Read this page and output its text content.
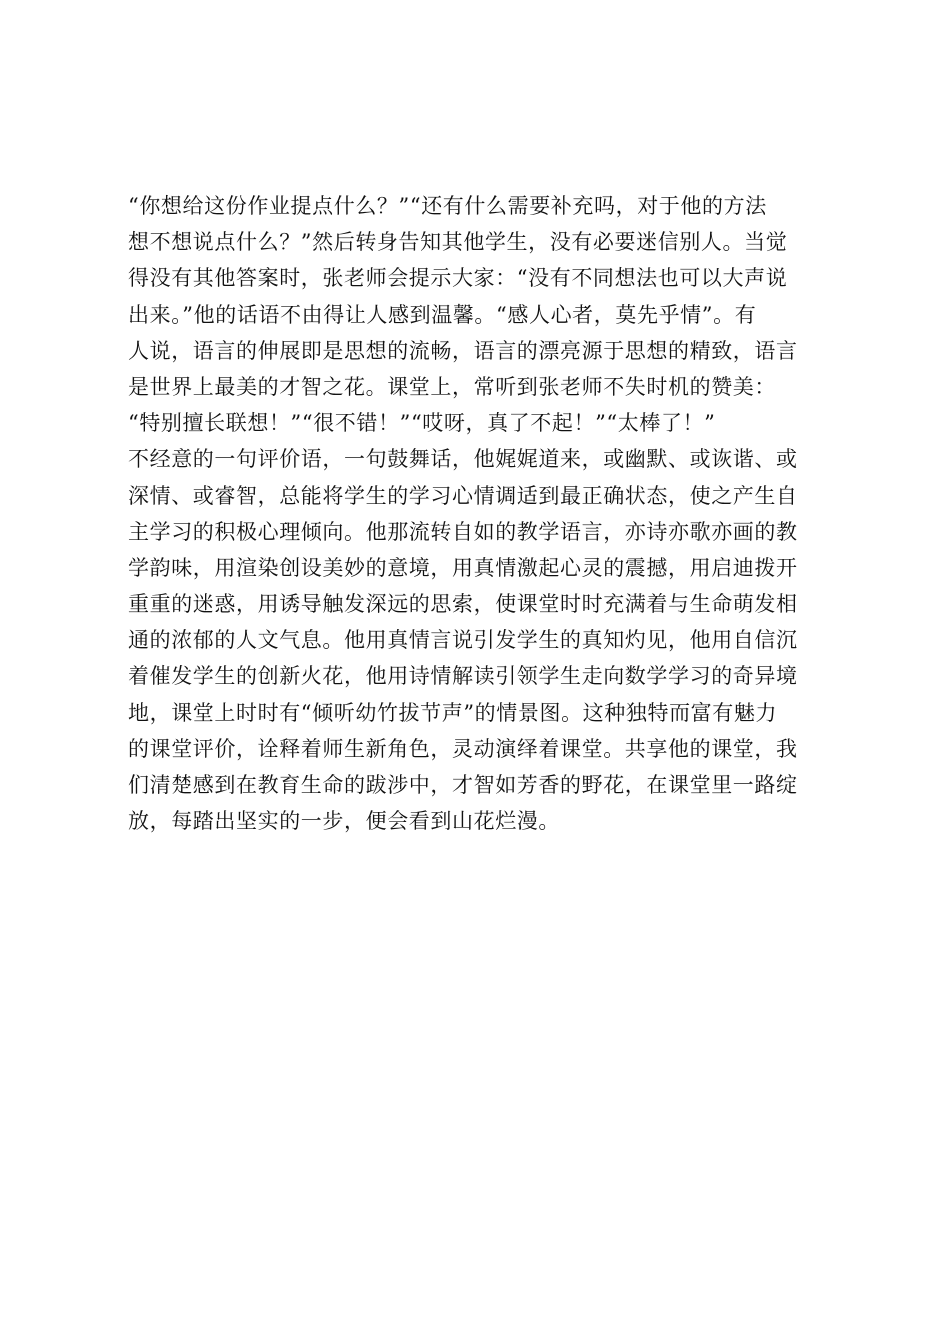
“你想给这份作业提点什么？”“还有什么需要补充吗，对于他的方法
想不想说点什么？”然后转身告知其他学生，没有必要迷信别人。当觉
得没有其他答案时，张老师会提示大家：“没有不同想法也可以大声说
出来。”他的话语不由得让人感到温馨。“感人心者，莫先乎情”。有
人说，语言的伸展即是思想的流畅，语言的漂亮源于思想的精致，语言
是世界上最美的才智之花。课堂上，常听到张老师不失时机的赞美：
“特别擅长联想！”“很不错！”“哎呀，真了不起！”“太棒了！”
不经意的一句评价语，一句鼓舞话，他娓娓道来，或幽默、或诙谐、或
深情、或睿智，总能将学生的学习心情调适到最正确状态，使之产生自
主学习的积极心理倾向。他那流转自如的教学语言，亦诗亦歌亦画的教
学韵味，用渲染创设美妙的意境，用真情激起心灵的震撼，用启迪拨开
重重的迷惑，用诱导触发深远的思索，使课堂时时充满着与生命萌发相
通的浓郁的人文气息。他用真情言说引发学生的真知灼见，他用自信沉
着催发学生的创新火花，他用诗情解读引领学生走向数学学习的奇异境
地，课堂上时时有“倾听幼竹拔节声”的情景图。这种独特而富有魅力
的课堂评价，诠释着师生新角色，灵动演绎着课堂。共享他的课堂，我
们清楚感到在教育生命的跋涉中，才智如芳香的野花，在课堂里一路绽
放，每踏出坚实的一步，便会看到山花烂漫。
